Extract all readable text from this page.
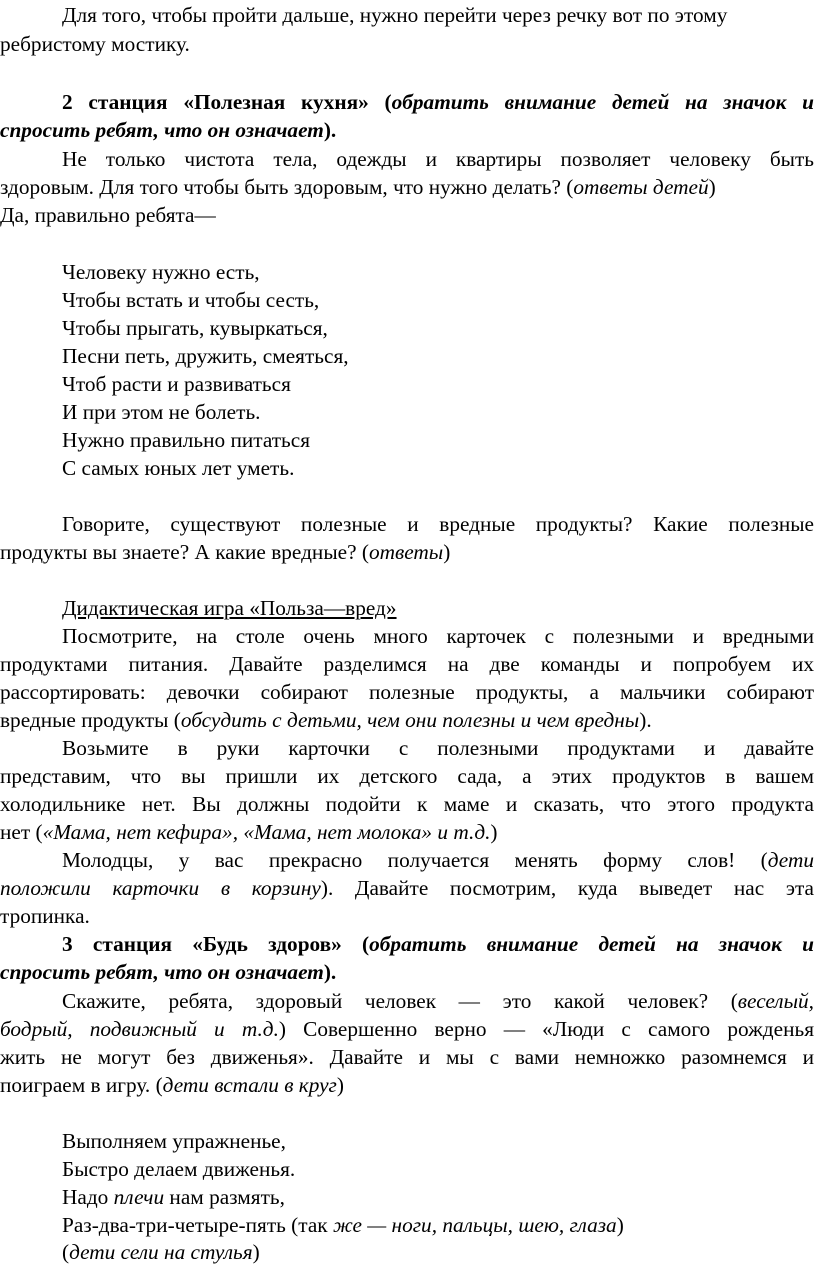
Для того, чтобы пройти дальше, нужно перейти через речку вот по этому
ребристому мостику.
2 станция «Полезная кухня» (обратить внимание детей на значок и
спросить ребят, что он означает).
Не только чистота тела, одежды и квартиры позволяет человеку быть
здоровым. Для того чтобы быть здоровым, что нужно делать? (ответы детей)
Да, правильно ребята—
Человеку нужно есть,
Чтобы встать и чтобы сесть,
Чтобы прыгать, кувыркаться,
Песни петь, дружить, смеяться,
Чтоб расти и развиваться
И при этом не болеть.
Нужно правильно питаться
С самых юных лет уметь.
Говорите, существуют полезные и вредные продукты? Какие полезные
продукты вы знаете? А какие вредные? (ответы)
Дидактическая игра «Польза—вред»
Посмотрите, на столе очень много карточек с полезными и вредными
продуктами питания. Давайте разделимся на две команды и попробуем их
рассортировать: девочки собирают полезные продукты, а мальчики собирают
вредные продукты (обсудить с детьми, чем они полезны и чем вредны).
Возьмите в руки карточки с полезными продуктами и давайте
представим, что вы пришли их детского сада, а этих продуктов в вашем
холодильнике нет. Вы должны подойти к маме и сказать, что этого продукта
нет («Мама, нет кефира», «Мама, нет молока» и т.д.)
Молодцы, у вас прекрасно получается менять форму слов! (дети
положили карточки в корзину). Давайте посмотрим, куда выведет нас эта
тропинка.
3 станция «Будь здоров» (обратить внимание детей на значок и
спросить ребят, что он означает).
Скажите, ребята, здоровый человек — это какой человек? (веселый,
бодрый, подвижный и т.д.) Совершенно верно — «Люди с самого рожденья
жить не могут без движенья». Давайте и мы с вами немножко разомнемся и
поиграем в игру. (дети встали в круг)
Выполняем упражненье,
Быстро делаем движенья.
Надо плечи нам размять,
Раз-два-три-четыре-пять (так же — ноги, пальцы, шею, глаза)
(дети сели на стулья)
